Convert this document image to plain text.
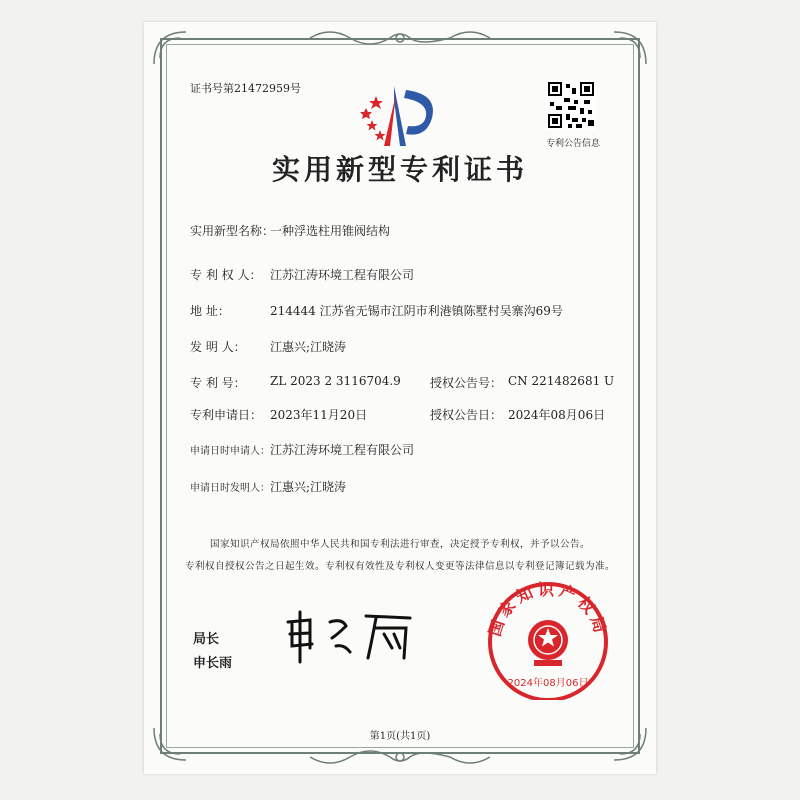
证书号第21472959号
专利公告信息
实用新型专利证书
实用新型名称：
一种浮选柱用锥阀结构
专 利 权 人： 江苏江涛环境工程有限公司
地 址：	214444 江苏省无锡市江阴市利港镇陈墅村吴寨沟69号
发 明 人： 江惠兴;江晓涛
专 利 号： ZL 2023 2 3116704.9 授权公告号： CN 221482681 U
专利申请日： 2023年11月20日	授权公告日： 2024年08月06日
申请日时申请人： 江苏江涛环境工程有限公司
申请日时发明人： 江惠兴;江晓涛
国家知识产权局依照中华人民共和国专利法进行审查，决定授予专利权，并予以公告。
专利权自授权公告之日起生效。专利权有效性及专利权人变更等法律信息以专利登记簿记载为准。
局长
申长雨
国家知识产权局
2024年08月06日
第1页(共1页)
